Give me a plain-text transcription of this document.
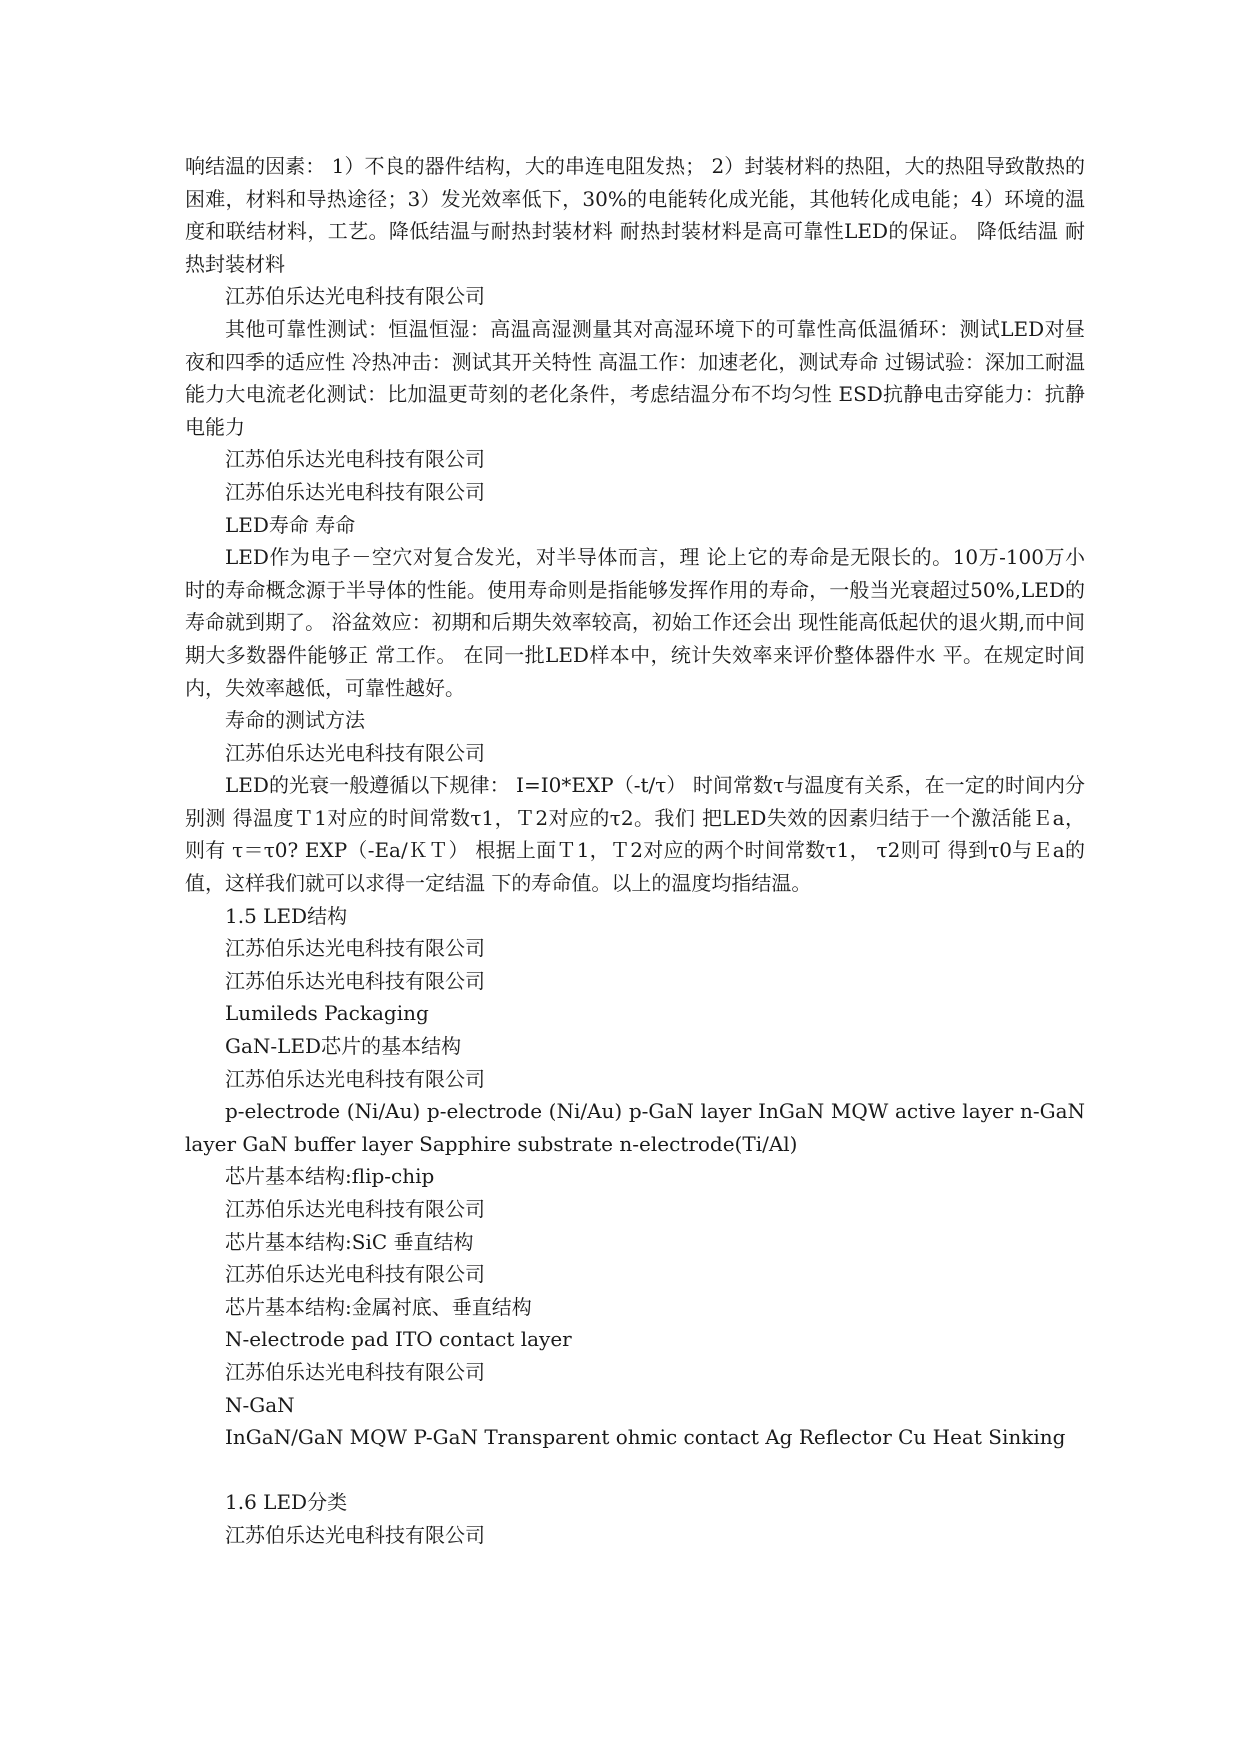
响结温的因素： 1）不良的器件结构，大的串连电阻发热； 2）封装材料的热阻，大的热阻导致散热的困难，材料和导热途径；3）发光效率低下，30%的电能转化成光能，其他转化成电能；4）环境的温度和联结材料，工艺。降低结温与耐热封装材料 耐热封装材料是高可靠性LED的保证。 降低结温 耐热封装材料

江苏伯乐达光电科技有限公司

其他可靠性测试：恒温恒湿：高温高湿测量其对高湿环境下的可靠性高低温循环：测试LED对昼夜和四季的适应性 冷热冲击：测试其开关特性 高温工作：加速老化，测试寿命 过锡试验：深加工耐温能力大电流老化测试：比加温更苛刻的老化条件，考虑结温分布不均匀性 ESD抗静电击穿能力：抗静电能力

江苏伯乐达光电科技有限公司

江苏伯乐达光电科技有限公司

LED寿命 寿命

LED作为电子－空穴对复合发光，对半导体而言，理 论上它的寿命是无限长的。10万-100万小时的寿命概念源于半导体的性能。使用寿命则是指能够发挥作用的寿命，一般当光衰超过50%,LED的寿命就到期了。 浴盆效应：初期和后期失效率较高，初始工作还会出 现性能高低起伏的退火期,而中间期大多数器件能够正 常工作。 在同一批LED样本中，统计失效率来评价整体器件水 平。在规定时间内，失效率越低，可靠性越好。

寿命的测试方法

江苏伯乐达光电科技有限公司

LED的光衰一般遵循以下规律： I=I0*EXP（-t/τ） 时间常数τ与温度有关系，在一定的时间内分别测 得温度Ｔ1对应的时间常数τ1，Ｔ2对应的τ2。我们 把LED失效的因素归结于一个激活能Ｅa，则有 τ＝τ0? EXP（-Ea/ＫＴ） 根据上面Ｔ1，Ｔ2对应的两个时间常数τ1， τ2则可 得到τ0与Ｅa的值，这样我们就可以求得一定结温 下的寿命值。以上的温度均指结温。

1.5 LED结构

江苏伯乐达光电科技有限公司

江苏伯乐达光电科技有限公司

Lumileds Packaging

GaN-LED芯片的基本结构

江苏伯乐达光电科技有限公司

p-electrode (Ni/Au) p-electrode (Ni/Au) p-GaN layer InGaN MQW active layer n-GaN layer GaN buffer layer Sapphire substrate n-electrode(Ti/Al)

芯片基本结构:flip-chip

江苏伯乐达光电科技有限公司

芯片基本结构:SiC 垂直结构

江苏伯乐达光电科技有限公司

芯片基本结构:金属衬底、垂直结构

N-electrode pad ITO contact layer

江苏伯乐达光电科技有限公司

N-GaN

InGaN/GaN MQW P-GaN Transparent ohmic contact Ag Reflector Cu Heat Sinking

1.6 LED分类

江苏伯乐达光电科技有限公司
